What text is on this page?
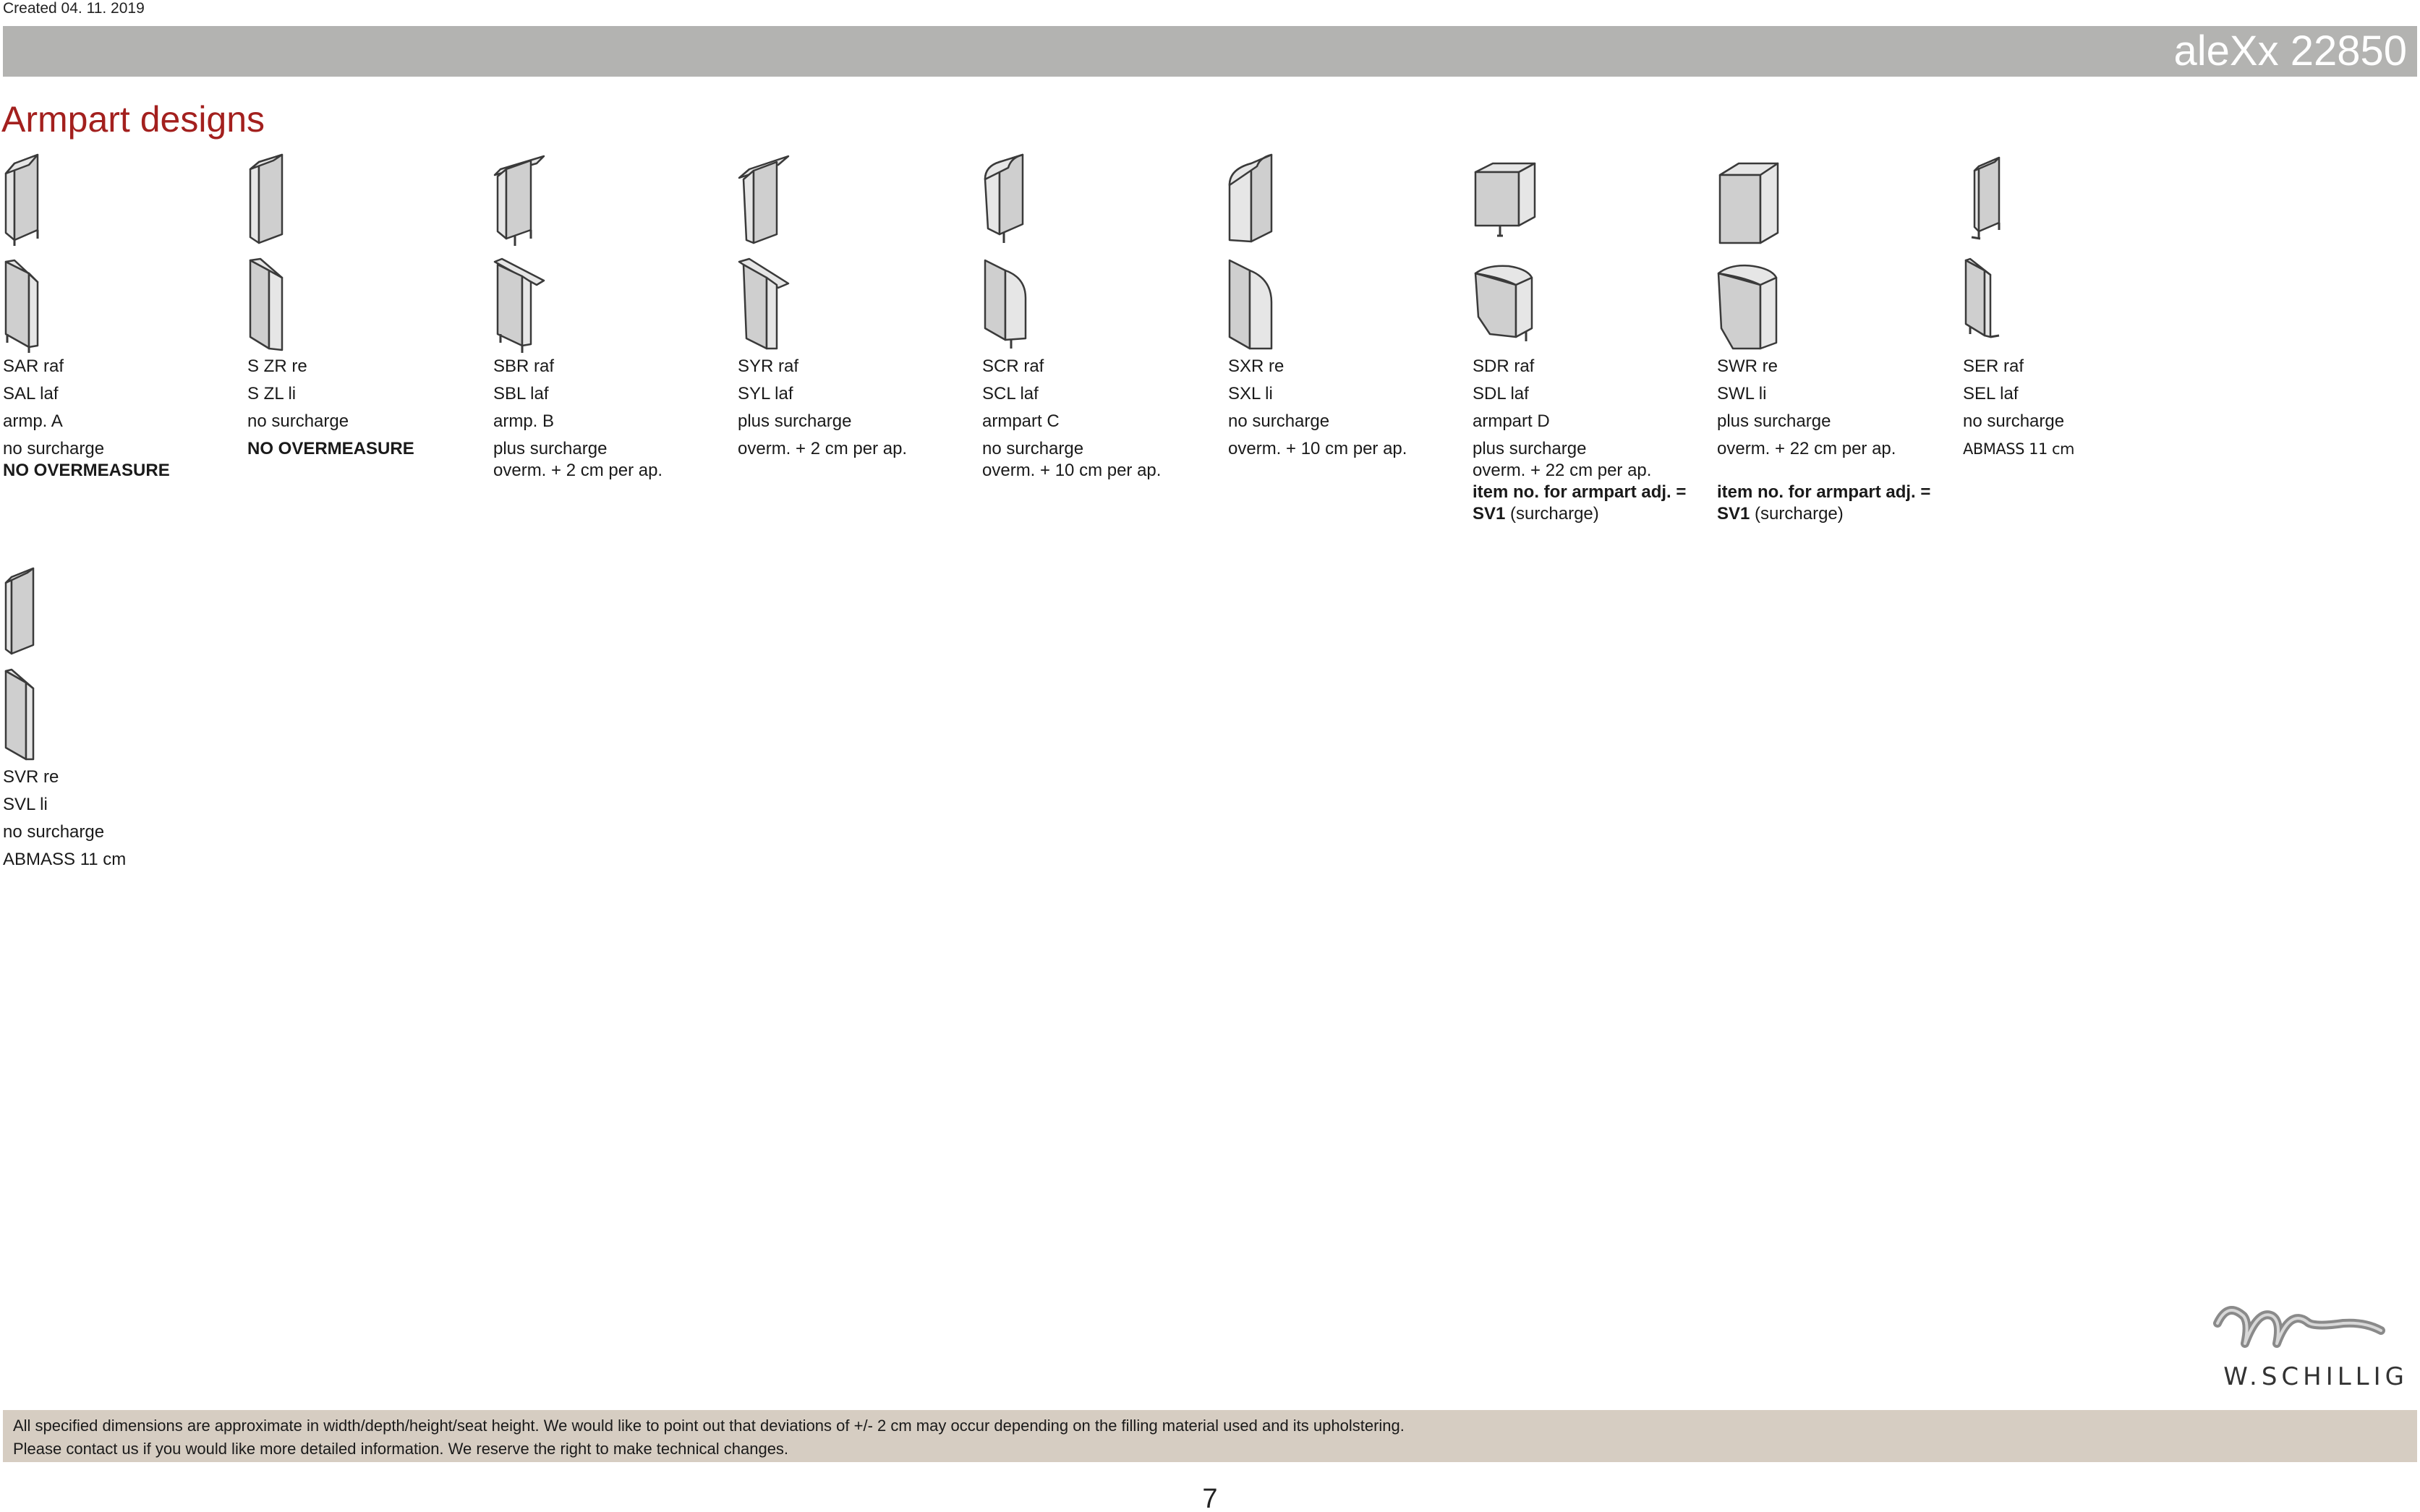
Created 04. 11. 2019
aleXx 22850
Armpart designs
SAR raf
SAL laf
armp. A
no surcharge
NO OVERMEASURE
S ZR re
S ZL li
no surcharge
NO OVERMEASURE
SBR raf
SBL laf
armp. B
plus surcharge
overm. + 2 cm per ap.
SYR raf
SYL laf
plus surcharge
overm. + 2 cm per ap.
SCR raf
SCL laf
armpart C
no surcharge
overm. + 10 cm per ap.
SXR re
SXL li
no surcharge
overm. + 10 cm per ap.
SDR raf
SDL laf
armpart D
plus surcharge
overm. + 22 cm per ap.
item no. for armpart adj. =
SV1 (surcharge)
SWR re
SWL li
plus surcharge
overm. + 22 cm per ap.
item no. for armpart adj. =
SV1 (surcharge)
SER raf
SEL laf
no surcharge
ABMASS 11 cm
SVR re
SVL li
no surcharge
ABMASS 11 cm
W.SCHILLIG
All specified dimensions are approximate in width/depth/height/seat height. We would like to point out that deviations of +/- 2 cm may occur depending on the filling material used and its upholstering.
Please contact us if you would like more detailed information. We reserve the right to make technical changes.
7
